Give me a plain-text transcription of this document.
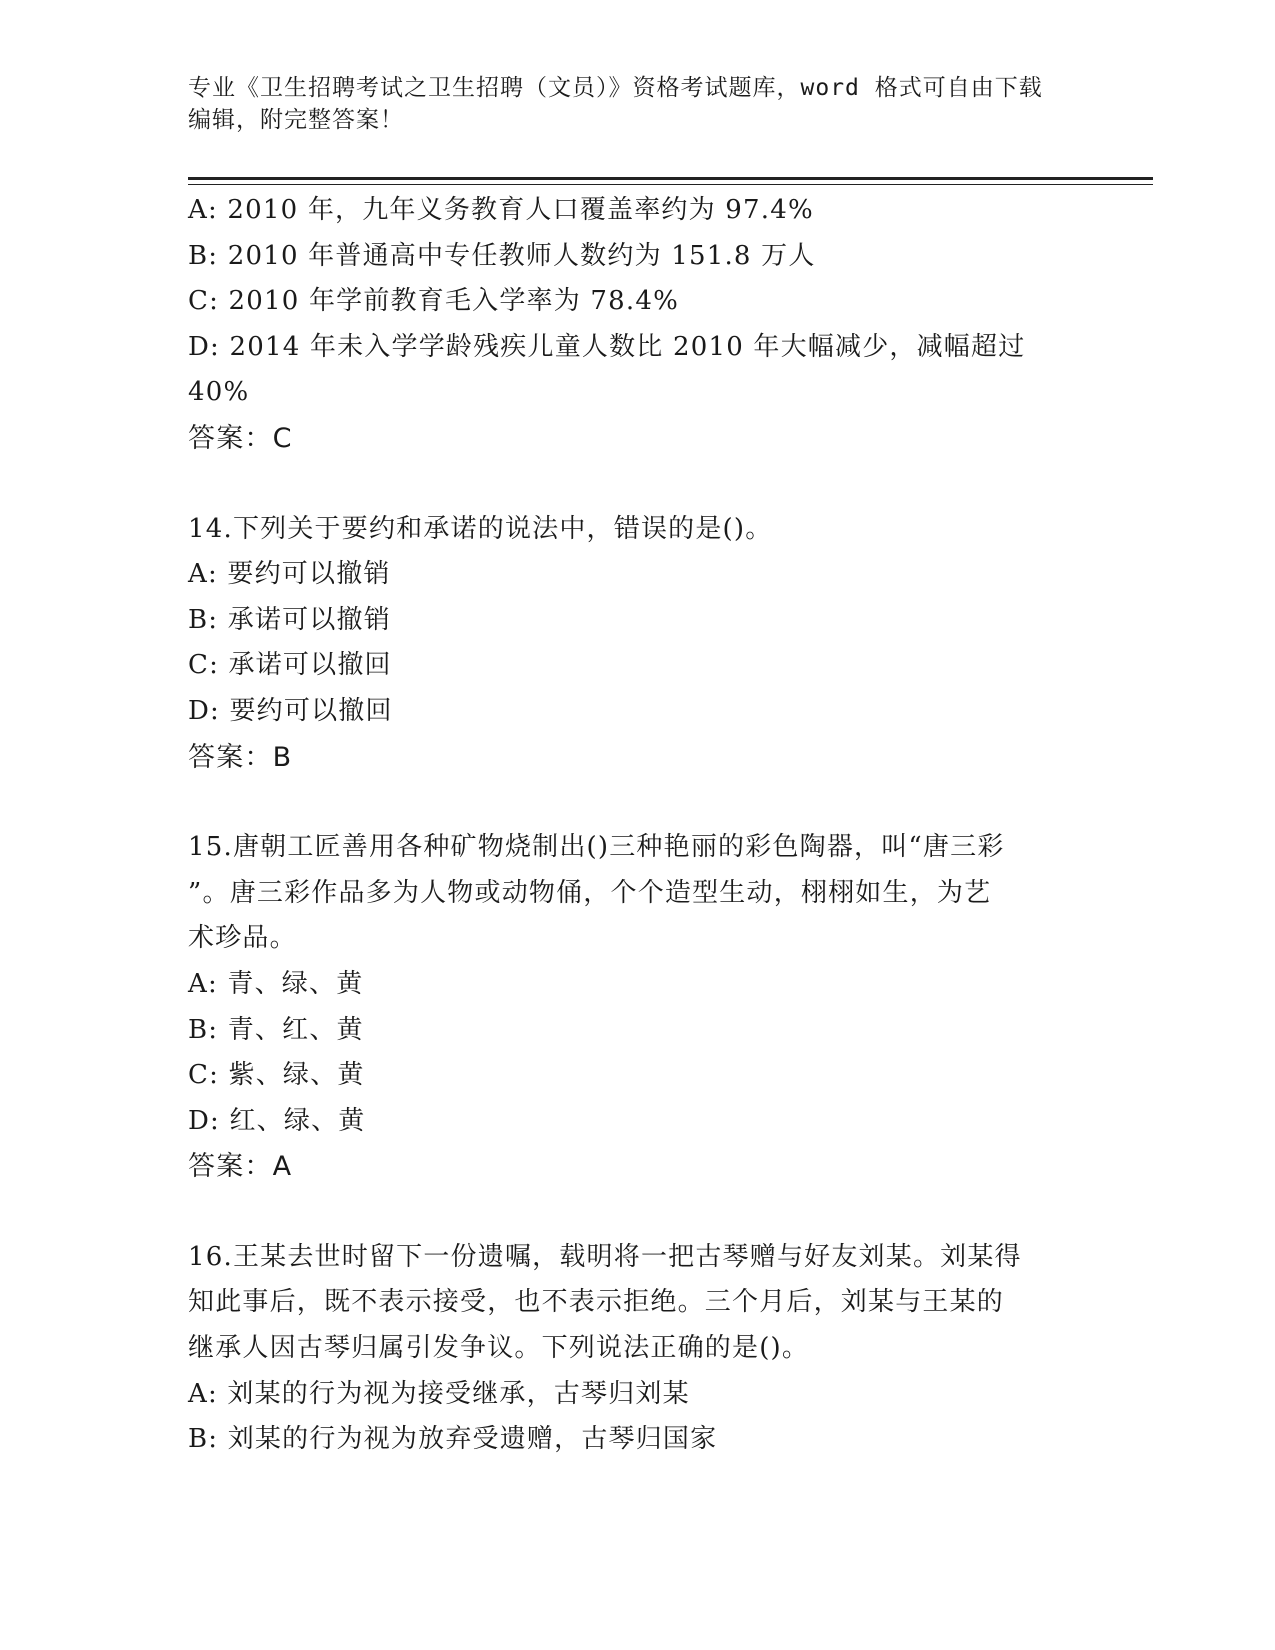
专业《卫生招聘考试之卫生招聘（文员）》资格考试题库，word 格式可自由下载
编辑，附完整答案！

A: 2010 年，九年义务教育人口覆盖率约为 97.4%

B: 2010 年普通高中专任教师人数约为 151.8 万人

C: 2010 年学前教育毛入学率为 78.4%

D: 2014 年未入学学龄残疾儿童人数比 2010 年大幅减少，减幅超过

40%

答案：C

14.下列关于要约和承诺的说法中，错误的是()。

A: 要约可以撤销

B: 承诺可以撤销

C: 承诺可以撤回

D: 要约可以撤回

答案：B

15.唐朝工匠善用各种矿物烧制出()三种艳丽的彩色陶器，叫“唐三彩

”。唐三彩作品多为人物或动物俑，个个造型生动，栩栩如生，为艺

术珍品。

A: 青、绿、黄

B: 青、红、黄

C: 紫、绿、黄

D: 红、绿、黄

答案：A

16.王某去世时留下一份遗嘱，载明将一把古琴赠与好友刘某。刘某得

知此事后，既不表示接受，也不表示拒绝。三个月后，刘某与王某的

继承人因古琴归属引发争议。下列说法正确的是()。

A: 刘某的行为视为接受继承，古琴归刘某

B: 刘某的行为视为放弃受遗赠，古琴归国家
